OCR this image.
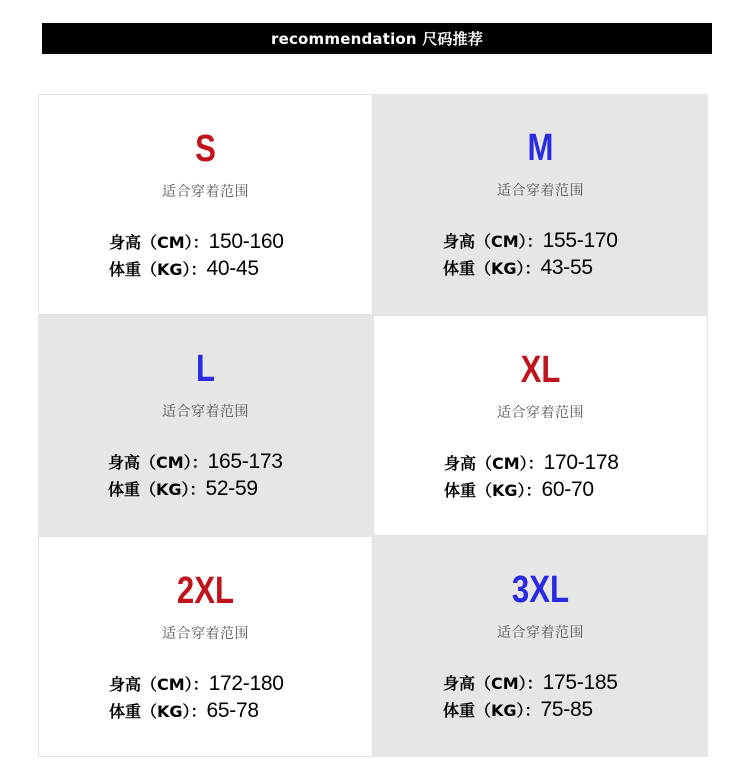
recommendation 尺码推荐
S
适合穿着范围
身高（CM）：150-160
体重（KG）：40-45
M
适合穿着范围
身高（CM）：155-170
体重（KG）：43-55
L
适合穿着范围
身高（CM）：165-173
体重（KG）：52-59
XL
适合穿着范围
身高（CM）：170-178
体重（KG）：60-70
2XL
适合穿着范围
身高（CM）：172-180
体重（KG）：65-78
3XL
适合穿着范围
身高（CM）：175-185
体重（KG）：75-85
